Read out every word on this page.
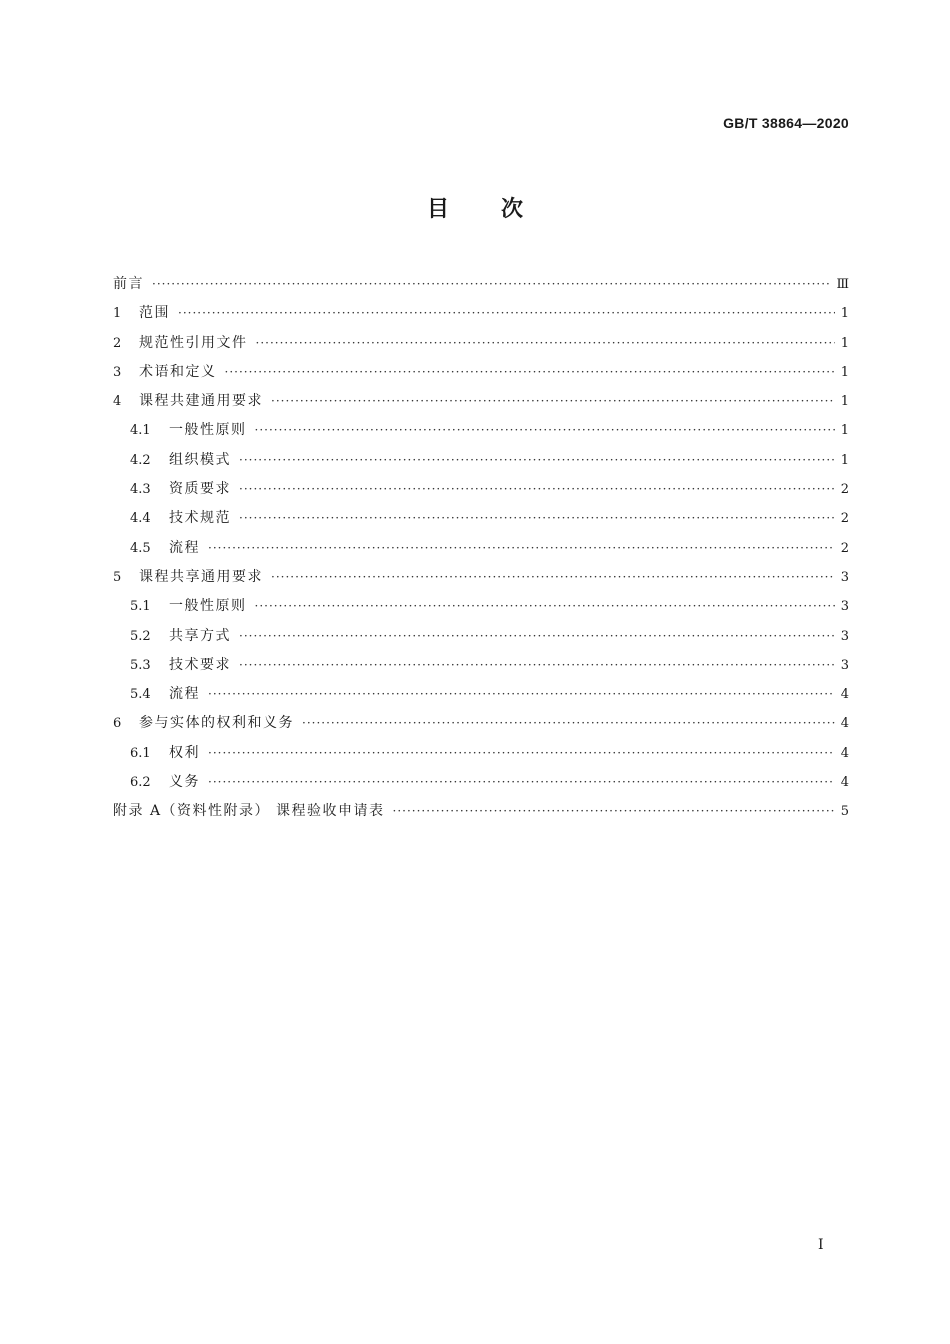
GB/T 38864—2020
目 次
前言 ·····	Ⅲ
1	范围 ·····	1
2	规范性引用文件 ·····	1
3	术语和定义 ·····	1
4	课程共建通用要求 ·····	1
4.1	一般性原则 ·····	1
4.2	组织模式 ·····	1
4.3	资质要求 ·····	2
4.4	技术规范 ·····	2
4.5	流程 ·····	2
5	课程共享通用要求 ·····	3
5.1	一般性原则 ·····	3
5.2	共享方式 ·····	3
5.3	技术要求 ·····	3
5.4	流程 ·····	4
6	参与实体的权利和义务 ·····	4
6.1	权利 ·····	4
6.2	义务 ·····	4
附录 A（资料性附录） 课程验收申请表 ·····	5
I
